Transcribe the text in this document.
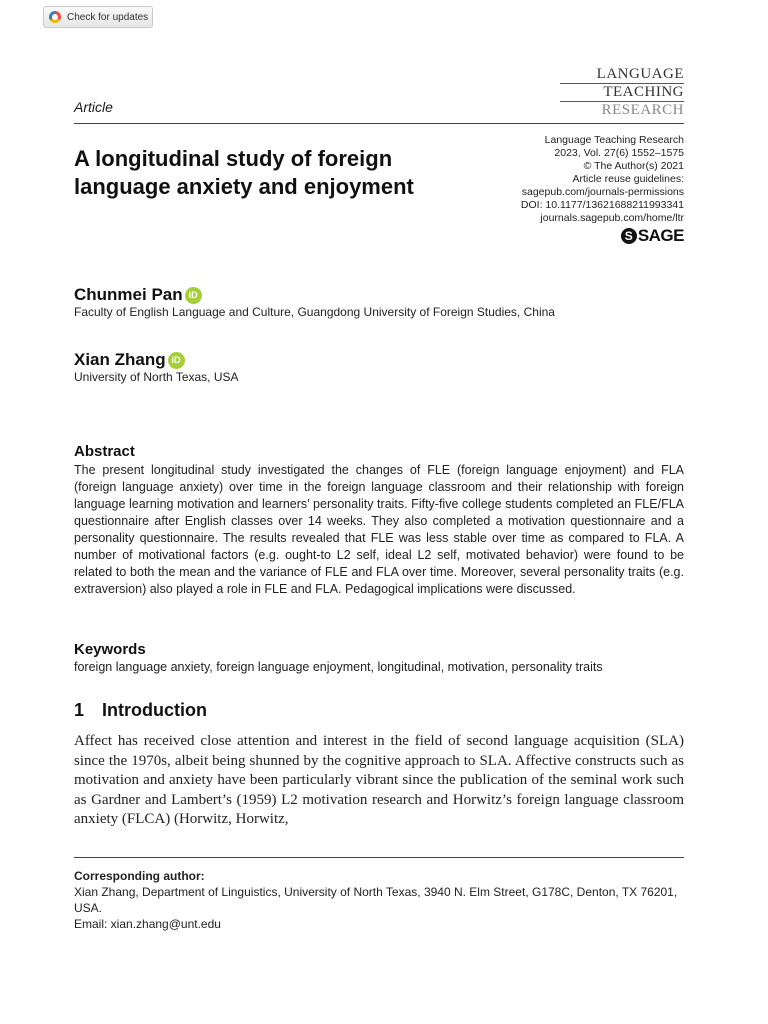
Check for updates
LANGUAGE
TEACHING
RESEARCH
Article
A longitudinal study of foreign language anxiety and enjoyment
Language Teaching Research
2023, Vol. 27(6) 1552–1575
© The Author(s) 2021
Article reuse guidelines:
sagepub.com/journals-permissions
DOI: 10.1177/13621688211993341
journals.sagepub.com/home/ltr
S SAGE
Chunmei Pan iD
Faculty of English Language and Culture, Guangdong University of Foreign Studies, China
Xian Zhang iD
University of North Texas, USA
Abstract

The present longitudinal study investigated the changes of FLE (foreign language enjoyment) and FLA (foreign language anxiety) over time in the foreign language classroom and their relationship with foreign language learning motivation and learners’ personality traits. Fifty-five college students completed an FLE/FLA questionnaire after English classes over 14 weeks. They also completed a motivation questionnaire and a personality questionnaire. The results revealed that FLE was less stable over time as compared to FLA. A number of motivational factors (e.g. ought-to L2 self, ideal L2 self, motivated behavior) were found to be related to both the mean and the variance of FLE and FLA over time. Moreover, several personality traits (e.g. extraversion) also played a role in FLE and FLA. Pedagogical implications were discussed.

Keywords

foreign language anxiety, foreign language enjoyment, longitudinal, motivation, personality traits

1 Introduction

Affect has received close attention and interest in the field of second language acquisition (SLA) since the 1970s, albeit being shunned by the cognitive approach to SLA. Affective constructs such as motivation and anxiety have been particularly vibrant since the publication of the seminal work such as Gardner and Lambert’s (1959) L2 motivation research and Horwitz’s foreign language classroom anxiety (FLCA) (Horwitz, Horwitz,

Corresponding author:
Xian Zhang, Department of Linguistics, University of North Texas, 3940 N. Elm Street, G178C, Denton, TX 76201, USA.
Email: xian.zhang@unt.edu
